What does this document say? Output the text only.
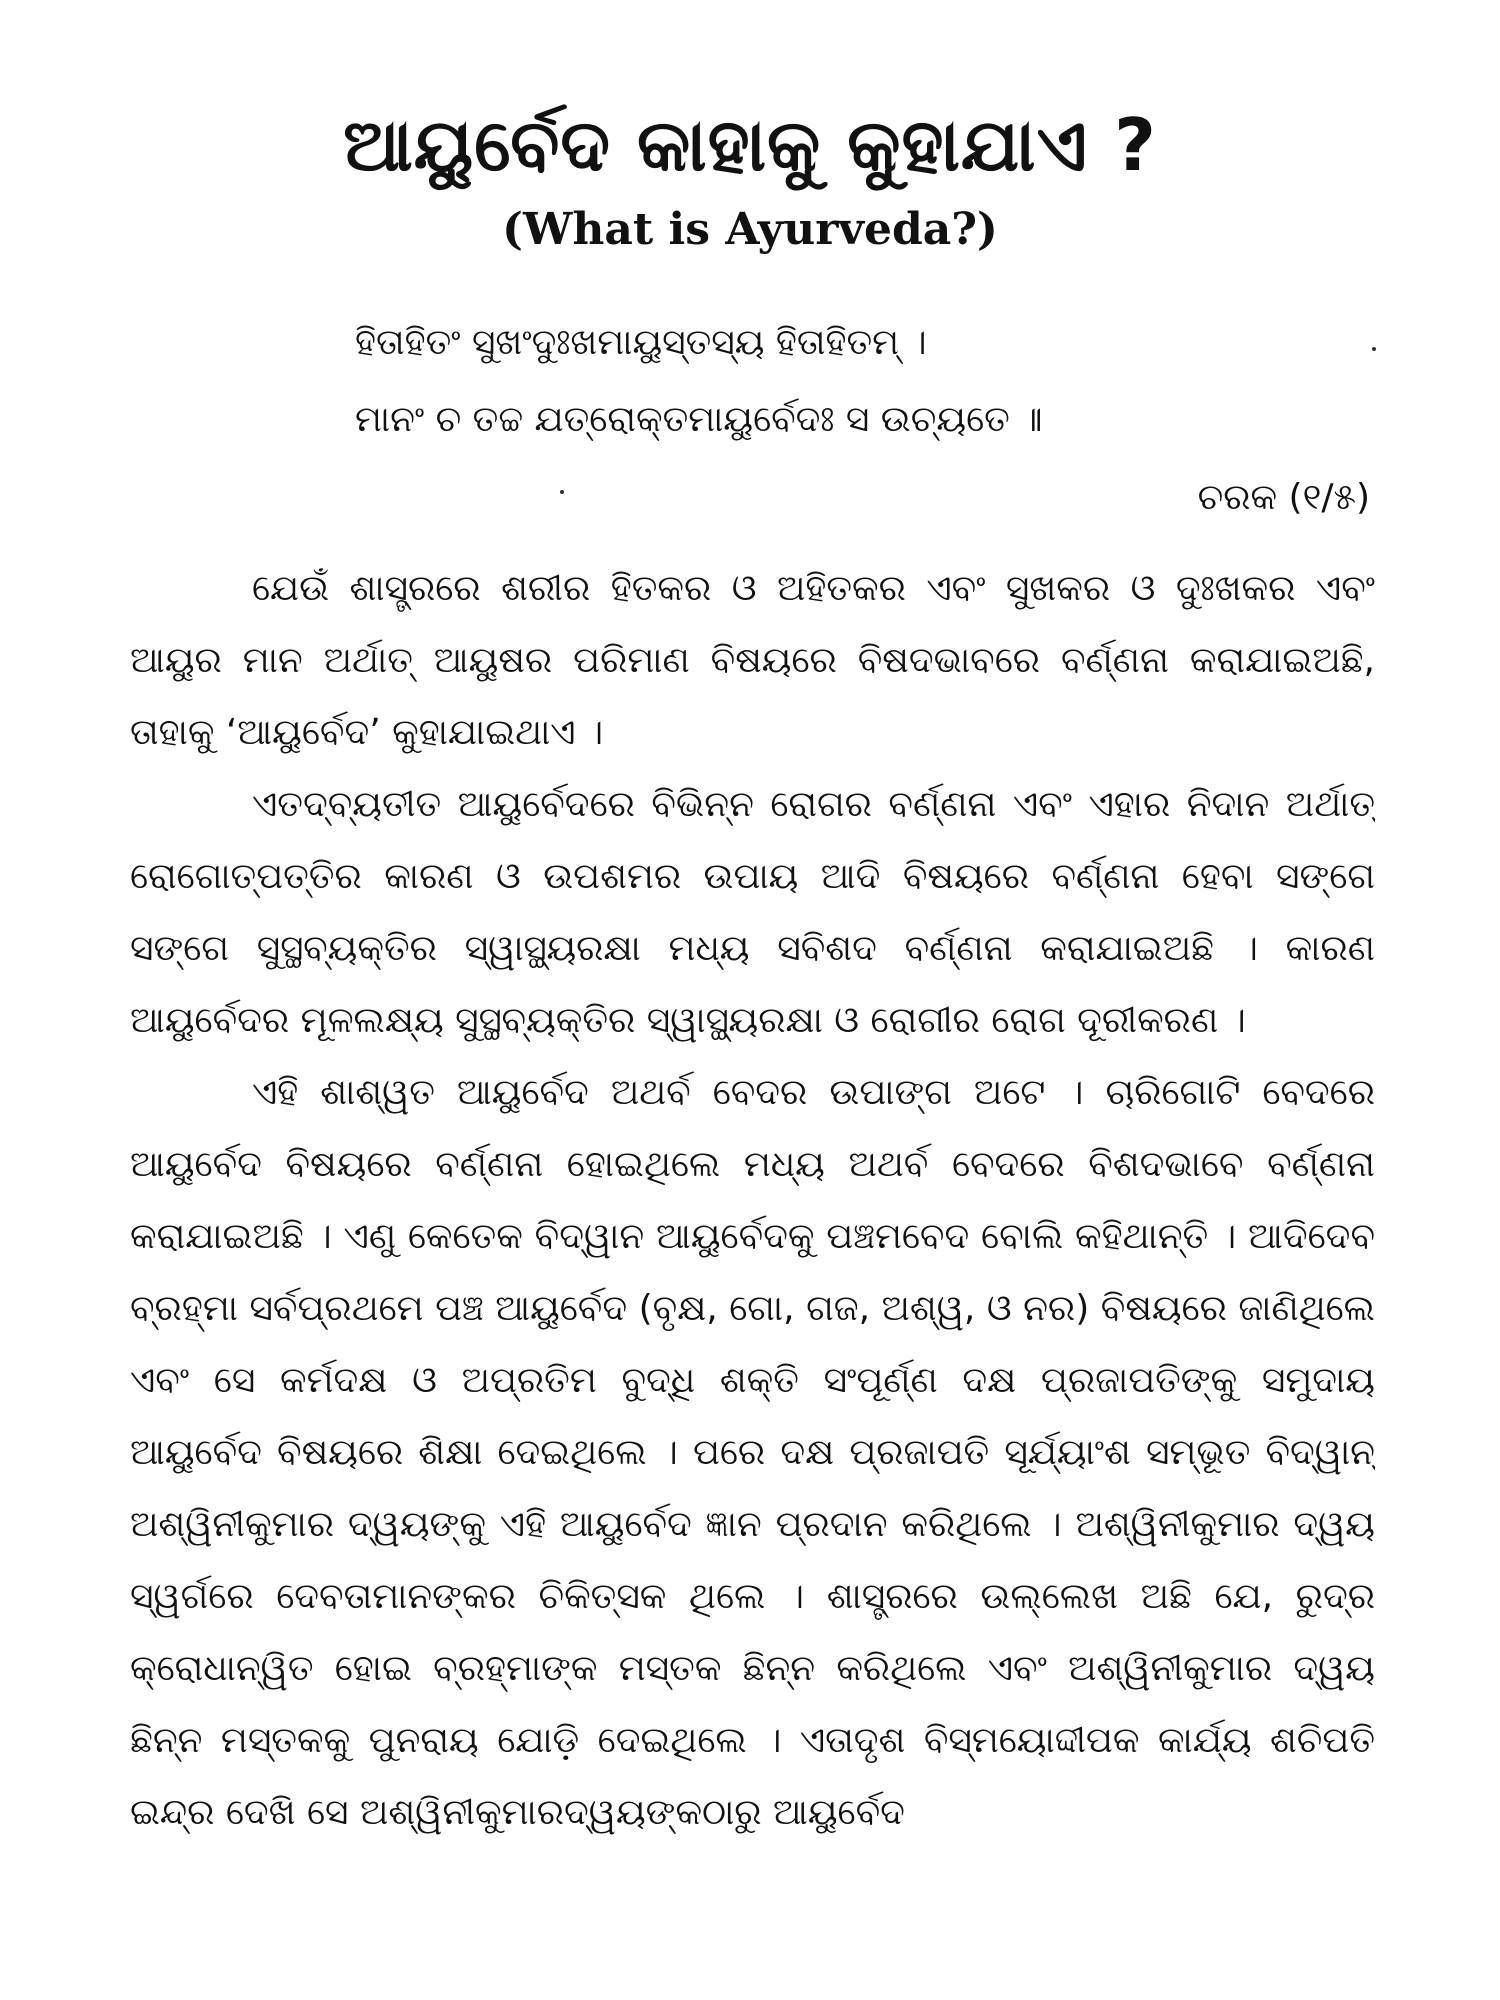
ଆୟୁର୍ବେଦ କାହାକୁ କୁହାଯାଏ ?
(What is Ayurveda?)
ହିତାହିତଂ ସୁଖଂଦୁଃଖମାୟୁସ୍ତସ୍ୟ ହିତାହିତମ୍ ।
ମାନଂ ଚ ତଚ୍ଚ ଯତ୍ରୋକ୍ତମାୟୁର୍ବେଦଃ ସ ଉଚ୍ୟତେ ॥
ଚରକ (୧/୫)

ଯେଉଁ ଶାସ୍ତ୍ରରେ ଶରୀର ହିତକର ଓ ଅହିତକର ଏବଂ ସୁଖକର ଓ ଦୁଃଖକର ଏବଂ ଆୟୁର ମାନ ଅର୍ଥାତ୍ ଆୟୁଷର ପରିମାଣ ବିଷୟରେ ବିଷଦଭାବରେ ବର୍ଣ୍ଣନା କରାଯାଇଅଛି, ତାହାକୁ ‘ଆୟୁର୍ବେଦ’ କୁହାଯାଇଥାଏ ।

ଏତଦ୍‌ବ୍ୟତୀତ ଆୟୁର୍ବେଦରେ ବିଭିନ୍ନ ରୋଗର ବର୍ଣ୍ଣନା ଏବଂ ଏହାର ନିଦାନ ଅର୍ଥାତ୍ ରୋଗୋତ୍ପତ୍ତିର କାରଣ ଓ ଉପଶମର ଉପାୟ ଆଦି ବିଷୟରେ ବର୍ଣ୍ଣନା ହେବା ସଙ୍ଗେ ସଙ୍ଗେ ସୁସ୍ଥବ୍ୟକ୍ତିର ସ୍ୱାସ୍ଥ୍ୟରକ୍ଷା ମଧ୍ୟ ସବିଶଦ ବର୍ଣ୍ଣନା କରାଯାଇଅଛି । କାରଣ ଆୟୁର୍ବେଦର ମୂଳଲକ୍ଷ୍ୟ ସୁସ୍ଥବ୍ୟକ୍ତିର ସ୍ୱାସ୍ଥ୍ୟରକ୍ଷା ଓ ରୋଗୀର ରୋଗ ଦୂରୀକରଣ ।

ଏହି ଶାଶ୍ୱତ ଆୟୁର୍ବେଦ ଅଥର୍ବ ବେଦର ଉପାଙ୍ଗ ଅଟେ । ଚାରିଗୋଟି ବେଦରେ ଆୟୁର୍ବେଦ ବିଷୟରେ ବର୍ଣ୍ଣନା ହୋଇଥିଲେ ମଧ୍ୟ ଅଥର୍ବ ବେଦରେ ବିଶଦଭାବେ ବର୍ଣ୍ଣନା କରାଯାଇଅଛି । ଏଣୁ କେତେକ ବିଦ୍ୱାନ ଆୟୁର୍ବେଦକୁ ପଞ୍ଚମବେଦ ବୋଲି କହିଥାନ୍ତି । ଆଦିଦେବ ବ୍ରହ୍ମା ସର୍ବପ୍ରଥମେ ପଞ୍ଚ ଆୟୁର୍ବେଦ (ବୃକ୍ଷ, ଗୋ, ଗଜ, ଅଶ୍ୱ, ଓ ନର) ବିଷୟରେ ଜାଣିଥିଲେ ଏବଂ ସେ କର୍ମଦକ୍ଷ ଓ ଅପ୍ରତିମ ବୁଦ୍ଧି ଶକ୍ତି ସଂପୂର୍ଣ୍ଣ ଦକ୍ଷ ପ୍ରଜାପତିଙ୍କୁ ସମୁଦାୟ ଆୟୁର୍ବେଦ ବିଷୟରେ ଶିକ୍ଷା ଦେଇଥିଲେ । ପରେ ଦକ୍ଷ ପ୍ରଜାପତି ସୂର୍ଯ୍ୟାଂଶ ସମ୍ଭୂତ ବିଦ୍ୱାନ୍ ଅଶ୍ୱିନୀକୁମାର ଦ୍ୱୟଙ୍କୁ ଏହି ଆୟୁର୍ବେଦ ଜ୍ଞାନ ପ୍ରଦାନ କରିଥିଲେ । ଅଶ୍ୱିନୀକୁମାର ଦ୍ୱୟ ସ୍ୱର୍ଗରେ ଦେବତାମାନଙ୍କର ଚିକିତ୍ସକ ଥିଲେ । ଶାସ୍ତ୍ରରେ ଉଲ୍ଲେଖ ଅଛି ଯେ, ରୁଦ୍ର କ୍ରୋଧାନ୍ୱିତ ହୋଇ ବ୍ରହ୍ମାଙ୍କ ମସ୍ତକ ଛିନ୍ନ କରିଥିଲେ ଏବଂ ଅଶ୍ୱିନୀକୁମାର ଦ୍ୱୟ ଛିନ୍ନ ମସ୍ତକକୁ ପୁନରାୟ ଯୋଡ଼ି ଦେଇଥିଲେ । ଏତାଦୃଶ ବିସ୍ମୟୋଦ୍ଦୀପକ କାର୍ଯ୍ୟ ଶଚିପତି ଇନ୍ଦ୍ର ଦେଖି ସେ ଅଶ୍ୱିନୀକୁମାରଦ୍ୱୟଙ୍କଠାରୁ ଆୟୁର୍ବେଦ
